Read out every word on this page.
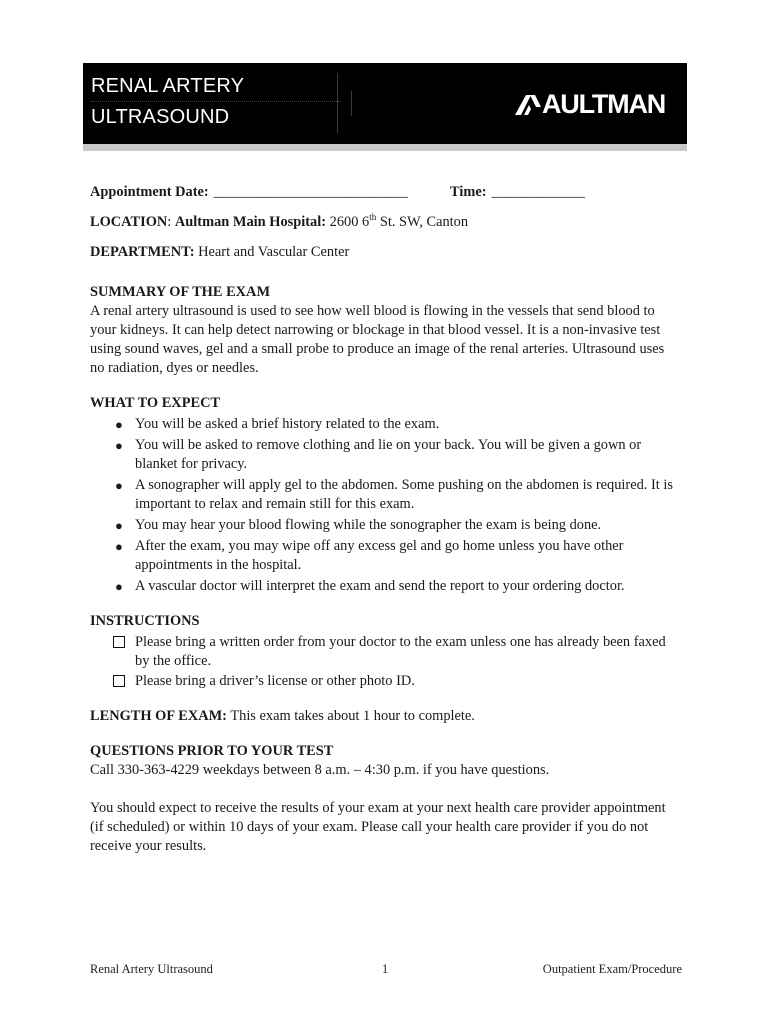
RENAL ARTERY
ULTRASOUND	AULTMAN
Appointment Date: ___________________________	Time: _____________

LOCATION: Aultman Main Hospital: 2600 6th St. SW, Canton

DEPARTMENT: Heart and Vascular Center

SUMMARY OF THE EXAM

A renal artery ultrasound is used to see how well blood is flowing in the vessels that send blood to your kidneys. It can help detect narrowing or blockage in that blood vessel. It is a non-invasive test using sound waves, gel and a small probe to produce an image of the renal arteries. Ultrasound uses no radiation, dyes or needles.

WHAT TO EXPECT

● You will be asked a brief history related to the exam.
● You will be asked to remove clothing and lie on your back. You will be given a gown or blanket for privacy.
● A sonographer will apply gel to the abdomen. Some pushing on the abdomen is required. It is important to relax and remain still for this exam.
● You may hear your blood flowing while the sonographer the exam is being done.
● After the exam, you may wipe off any excess gel and go home unless you have other appointments in the hospital.
● A vascular doctor will interpret the exam and send the report to your ordering doctor.

INSTRUCTIONS

Please bring a written order from your doctor to the exam unless one has already been faxed by the office.
Please bring a driver’s license or other photo ID.

LENGTH OF EXAM: This exam takes about 1 hour to complete.

QUESTIONS PRIOR TO YOUR TEST

Call 330-363-4229 weekdays between 8 a.m. – 4:30 p.m. if you have questions.

You should expect to receive the results of your exam at your next health care provider appointment (if scheduled) or within 10 days of your exam. Please call your health care provider if you do not receive your results.

Renal Artery Ultrasound	1	Outpatient Exam/Procedure
